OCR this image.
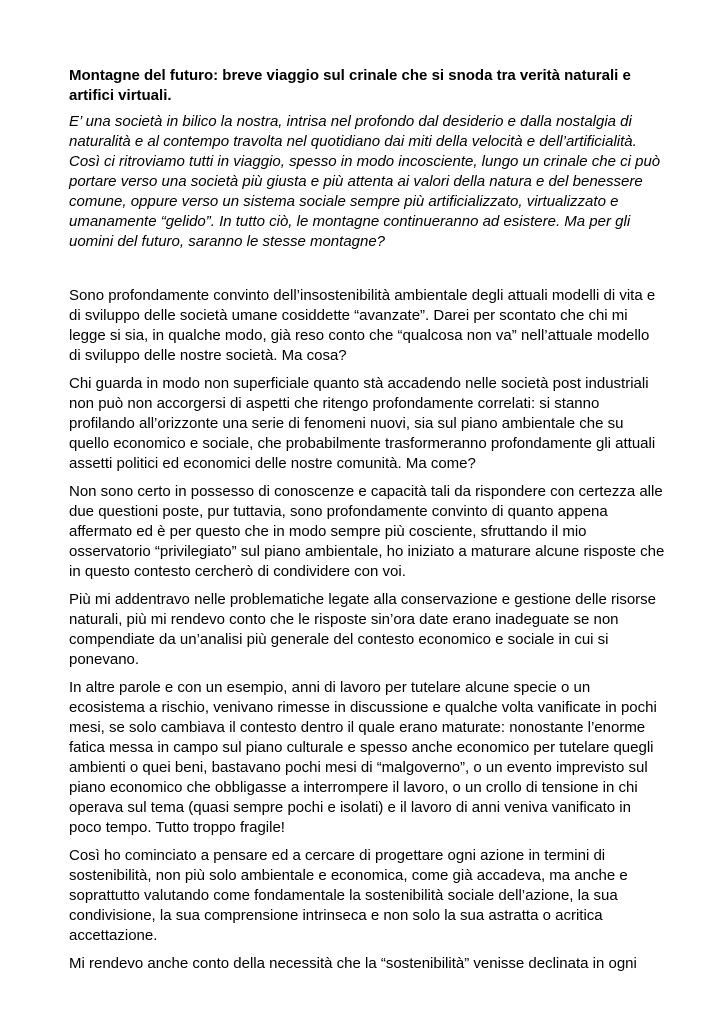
Montagne del futuro: breve viaggio sul crinale che si snoda tra verità naturali e artifici virtuali.

E’ una società in bilico la nostra, intrisa nel profondo dal desiderio e dalla nostalgia di naturalità e al contempo travolta nel quotidiano dai miti della velocità e dell’artificialità. Così ci ritroviamo tutti in viaggio, spesso in modo incosciente, lungo un crinale che ci può portare verso una società più giusta e più attenta ai valori della natura e del benessere comune, oppure verso un sistema sociale sempre più artificializzato, virtualizzato e umanamente “gelido”. In tutto ciò, le montagne continueranno ad esistere. Ma per gli uomini del futuro, saranno le stesse montagne?

Sono profondamente convinto dell’insostenibilità ambientale degli attuali modelli di vita e di sviluppo delle società umane cosiddette “avanzate”. Darei per scontato che chi mi legge si sia, in qualche modo, già reso conto che “qualcosa non va” nell’attuale modello di sviluppo delle nostre società. Ma cosa?

Chi guarda in modo non superficiale quanto stà accadendo nelle società post industriali non può non accorgersi di aspetti che ritengo profondamente correlati: si stanno profilando all’orizzonte una serie di fenomeni nuovi, sia sul piano ambientale che su quello economico e sociale, che probabilmente trasformeranno profondamente gli attuali assetti politici ed economici delle nostre comunità. Ma come?

Non sono certo in possesso di conoscenze e capacità tali da rispondere con certezza alle due questioni poste, pur tuttavia, sono profondamente convinto di quanto appena affermato ed è per questo che in modo sempre più cosciente, sfruttando il mio osservatorio “privilegiato” sul piano ambientale, ho iniziato a maturare alcune risposte che in questo contesto cercherò di condividere con voi.

Più mi addentravo nelle problematiche legate alla conservazione e gestione delle risorse naturali, più mi rendevo conto che le risposte sin’ora date erano inadeguate se non compendiate da un’analisi più generale del contesto economico e sociale in cui si ponevano.

In altre parole e con un esempio, anni di lavoro per tutelare alcune specie o un ecosistema a rischio, venivano rimesse in discussione e qualche volta vanificate in pochi mesi, se solo cambiava il contesto dentro il quale erano maturate: nonostante l’enorme fatica messa in campo sul piano culturale e spesso anche economico per tutelare quegli ambienti o quei beni, bastavano pochi mesi di “malgoverno”, o un evento imprevisto sul piano economico che obbligasse a interrompere il lavoro, o un crollo di tensione in chi operava sul tema (quasi sempre pochi e isolati) e il lavoro di anni veniva vanificato in poco tempo. Tutto troppo fragile!

Così ho cominciato a pensare ed a cercare di progettare ogni azione in termini di sostenibilità, non più solo ambientale e economica, come già accadeva, ma anche e soprattutto valutando come fondamentale la sostenibilità sociale dell’azione, la sua condivisione, la sua comprensione intrinseca e non solo la sua astratta o acritica accettazione.

Mi rendevo anche conto della necessità che la “sostenibilità” venisse declinata in ogni
